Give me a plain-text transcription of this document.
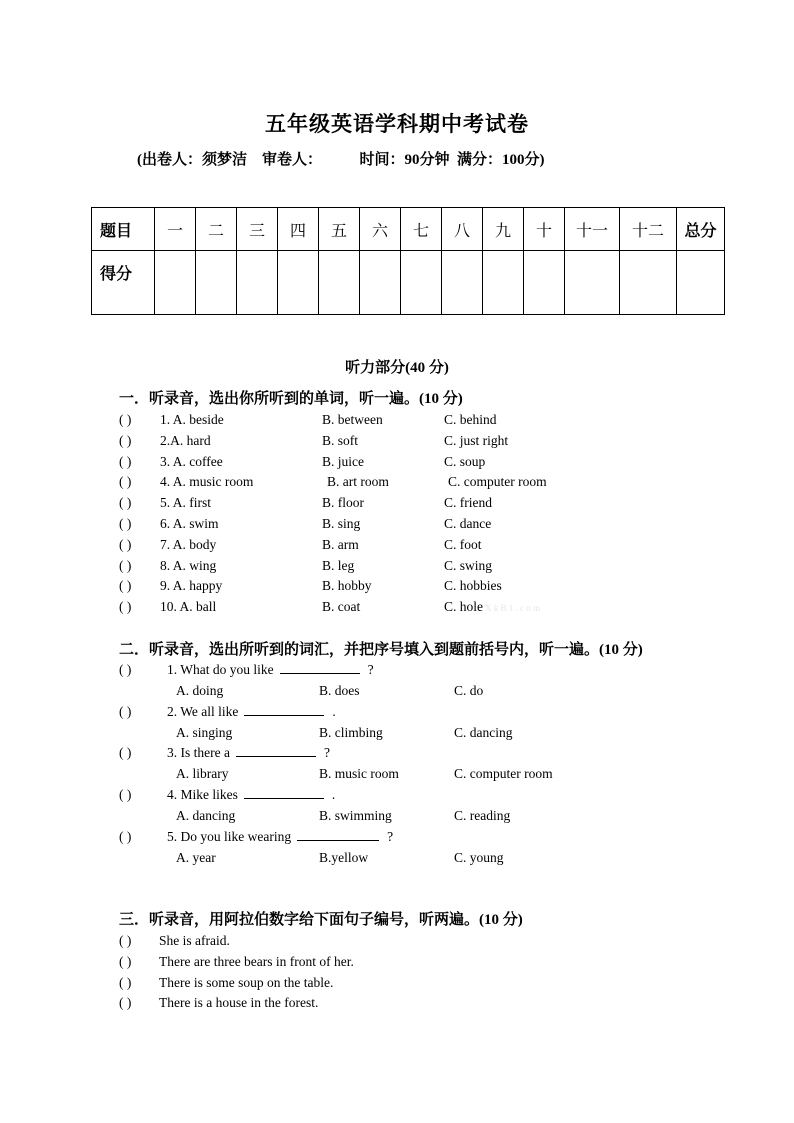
五年级英语学科期中考试卷
(出卷人：须梦洁    审卷人：          时间：90分钟  满分：100分)
题目	一	二	三	四	五	六	七	八	九	十	十一	十二	总分
得分													
听力部分(40 分)
一．听录音，选出你所听到的单词，听一遍。(10 分)
( ) 1. A. beside	B. between	C. behind
( ) 2.A. hard	B. soft	C. just right
( ) 3. A. coffee	B. juice	C. soup
( ) 4. A. music room	B. art room	C. computer room
( ) 5. A. first	B. floor	C. friend
( ) 6. A. swim	B. sing	C. dance
( ) 7. A. body	B. arm	C. foot
( ) 8. A. wing	B. leg	C. swing
( ) 9. A. happy	B. hobby	C. hobbies
( ) 10. A. ball	B. coat	C. hole X k B 1 . c o m
二．听录音，选出所听到的词汇，并把序号填入到题前括号内，听一遍。(10 分)
( )	1. What do you like	?
A. doing	B. does	C. do
( )	2. We all like	.
A. singing	B. climbing	C. dancing
( )	3. Is there a	?
A. library	B. music room	C. computer room
( )	4. Mike likes	.
A. dancing	B. swimming	C. reading
( )	5. Do you like wearing	?
A. year	B.yellow	C. young
三．听录音，用阿拉伯数字给下面句子编号，听两遍。(10 分)
( ) She is afraid.
( ) There are three bears in front of her.
( ) There is some soup on the table.
( ) There is a house in the forest.
